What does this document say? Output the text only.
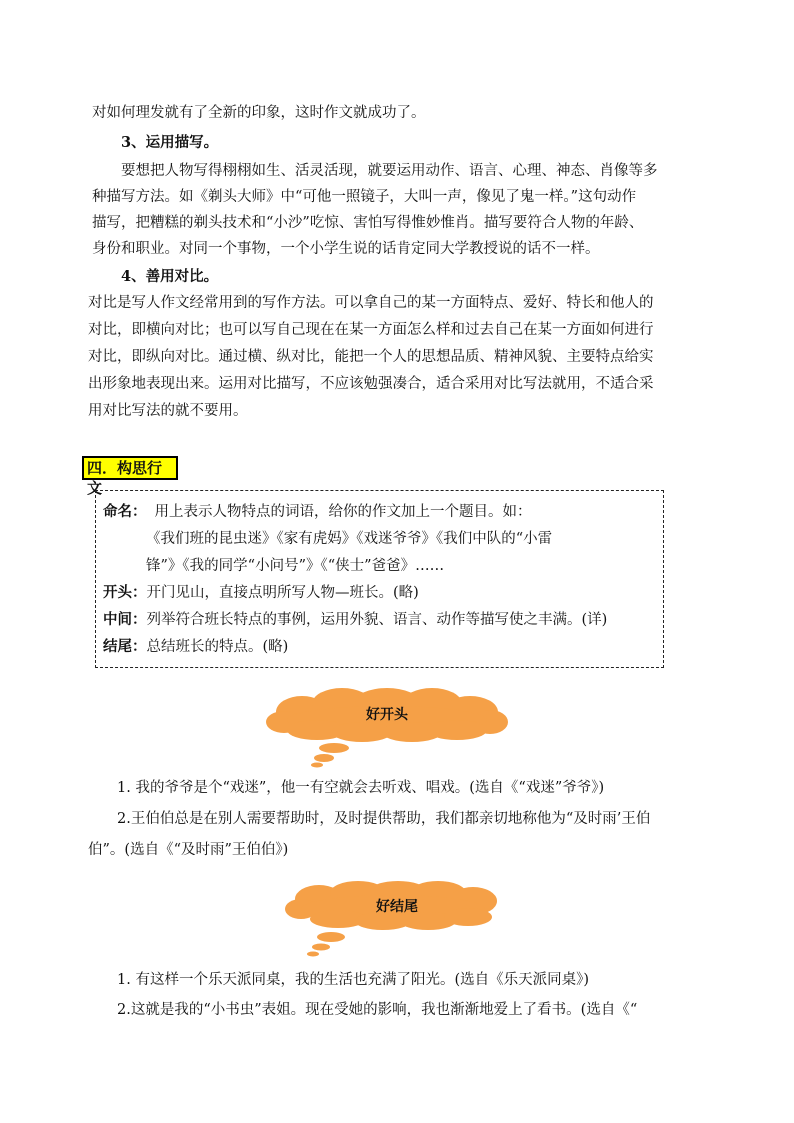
对如何理发就有了全新的印象，这时作文就成功了。
3、运用描写。
要想把人物写得栩栩如生、活灵活现，就要运用动作、语言、心理、神态、肖像等多
种描写方法。如《剃头大师》中“可他一照镜子，大叫一声，像见了鬼一样。”这句动作
描写，把糟糕的剃头技术和“小沙”吃惊、害怕写得惟妙惟肖。描写要符合人物的年龄、
身份和职业。对同一个事物，一个小学生说的话肯定同大学教授说的话不一样。
4、善用对比。
对比是写人作文经常用到的写作方法。可以拿自己的某一方面特点、爱好、特长和他人的
对比，即横向对比；也可以写自己现在在某一方面怎么样和过去自己在某一方面如何进行
对比，即纵向对比。通过横、纵对比，能把一个人的思想品质、精神风貌、主要特点给实
出形象地表现出来。运用对比描写，不应该勉强凑合，适合采用对比写法就用，不适合采
用对比写法的就不要用。
四．构思行文
命名： 用上表示人物特点的词语，给你的作文加上一个题目。如：
《我们班的昆虫迷》《家有虎妈》《戏迷爷爷》《我们中队的“小雷
锋”》《我的同学“小问号”》《“侠士”爸爸》……
开头：开门见山，直接点明所写人物—班长。(略)
中间：列举符合班长特点的事例，运用外貌、语言、动作等描写使之丰满。(详)
结尾：总结班长的特点。(略)
好开头
1. 我的爷爷是个“戏迷”，他一有空就会去听戏、唱戏。(选自《“戏迷”爷爷》)
2.王伯伯总是在别人需要帮助时，及时提供帮助，我们都亲切地称他为“及时雨’王伯
伯”。(选自《“及时雨”王伯伯》)
好结尾
1. 有这样一个乐天派同桌，我的生活也充满了阳光。(选自《乐天派同桌》)
2.这就是我的“小书虫”表姐。现在受她的影响，我也渐渐地爱上了看书。(选自《“
